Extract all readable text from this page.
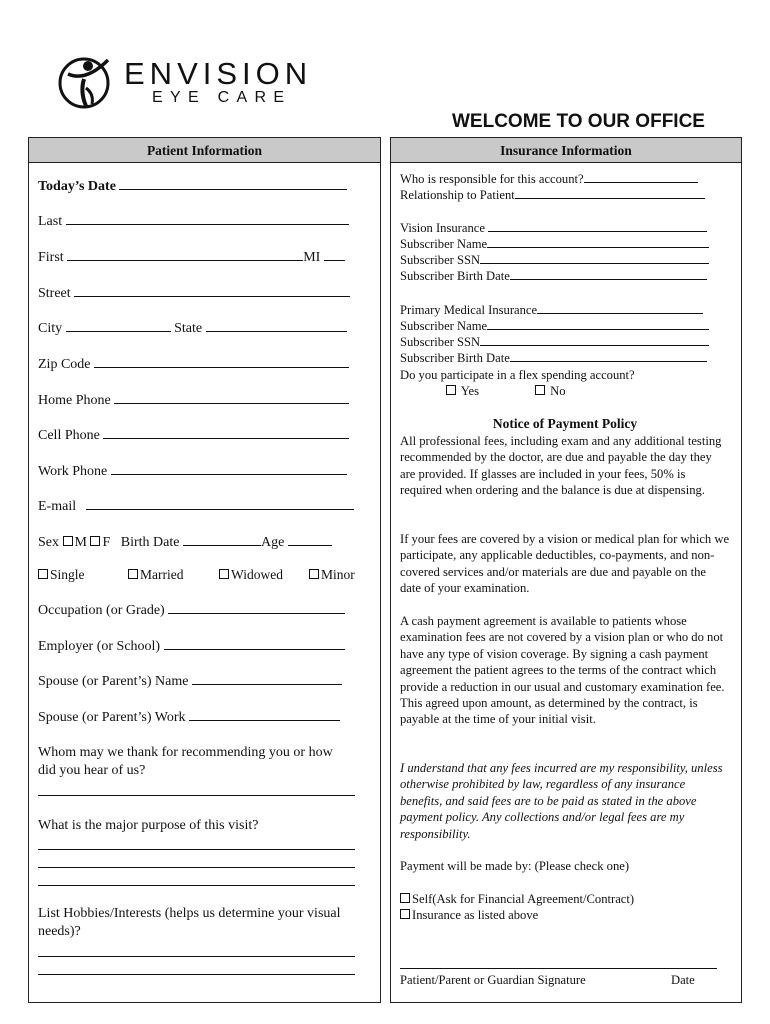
ENVISION
EYE CARE
WELCOME TO OUR OFFICE
Patient Information
Today’s Date
Last
First	MI
Street
City	State
Zip Code
Home Phone
Cell Phone
Work Phone
E-mail
Sex M F Birth Date	Age
Single	Married	Widowed	Minor
Occupation (or Grade)
Employer (or School)
Spouse (or Parent’s) Name
Spouse (or Parent’s) Work
Whom may we thank for recommending you or how
did you hear of us?
What is the major purpose of this visit?
List Hobbies/Interests (helps us determine your visual
needs)?
Insurance Information
Who is responsible for this account?
Relationship to Patient
Vision Insurance
Subscriber Name
Subscriber SSN
Subscriber Birth Date
Primary Medical Insurance
Subscriber Name
Subscriber SSN
Subscriber Birth Date
Do you participate in a flex spending account?
Yes	No
Notice of Payment Policy
All professional fees, including exam and any additional testing recommended by the doctor, are due and payable the day they are provided. If glasses are included in your fees, 50% is required when ordering and the balance is due at dispensing.
If your fees are covered by a vision or medical plan for which we participate, any applicable deductibles, co-payments, and non-covered services and/or materials are due and payable on the date of your examination.
A cash payment agreement is available to patients whose examination fees are not covered by a vision plan or who do not have any type of vision coverage. By signing a cash payment agreement the patient agrees to the terms of the contract which provide a reduction in our usual and customary examination fee. This agreed upon amount, as determined by the contract, is payable at the time of your initial visit.
I understand that any fees incurred are my responsibility, unless otherwise prohibited by law, regardless of any insurance benefits, and said fees are to be paid as stated in the above payment policy. Any collections and/or legal fees are my responsibility.
Payment will be made by: (Please check one)
Self(Ask for Financial Agreement/Contract)
Insurance as listed above
Patient/Parent or Guardian Signature	Date
